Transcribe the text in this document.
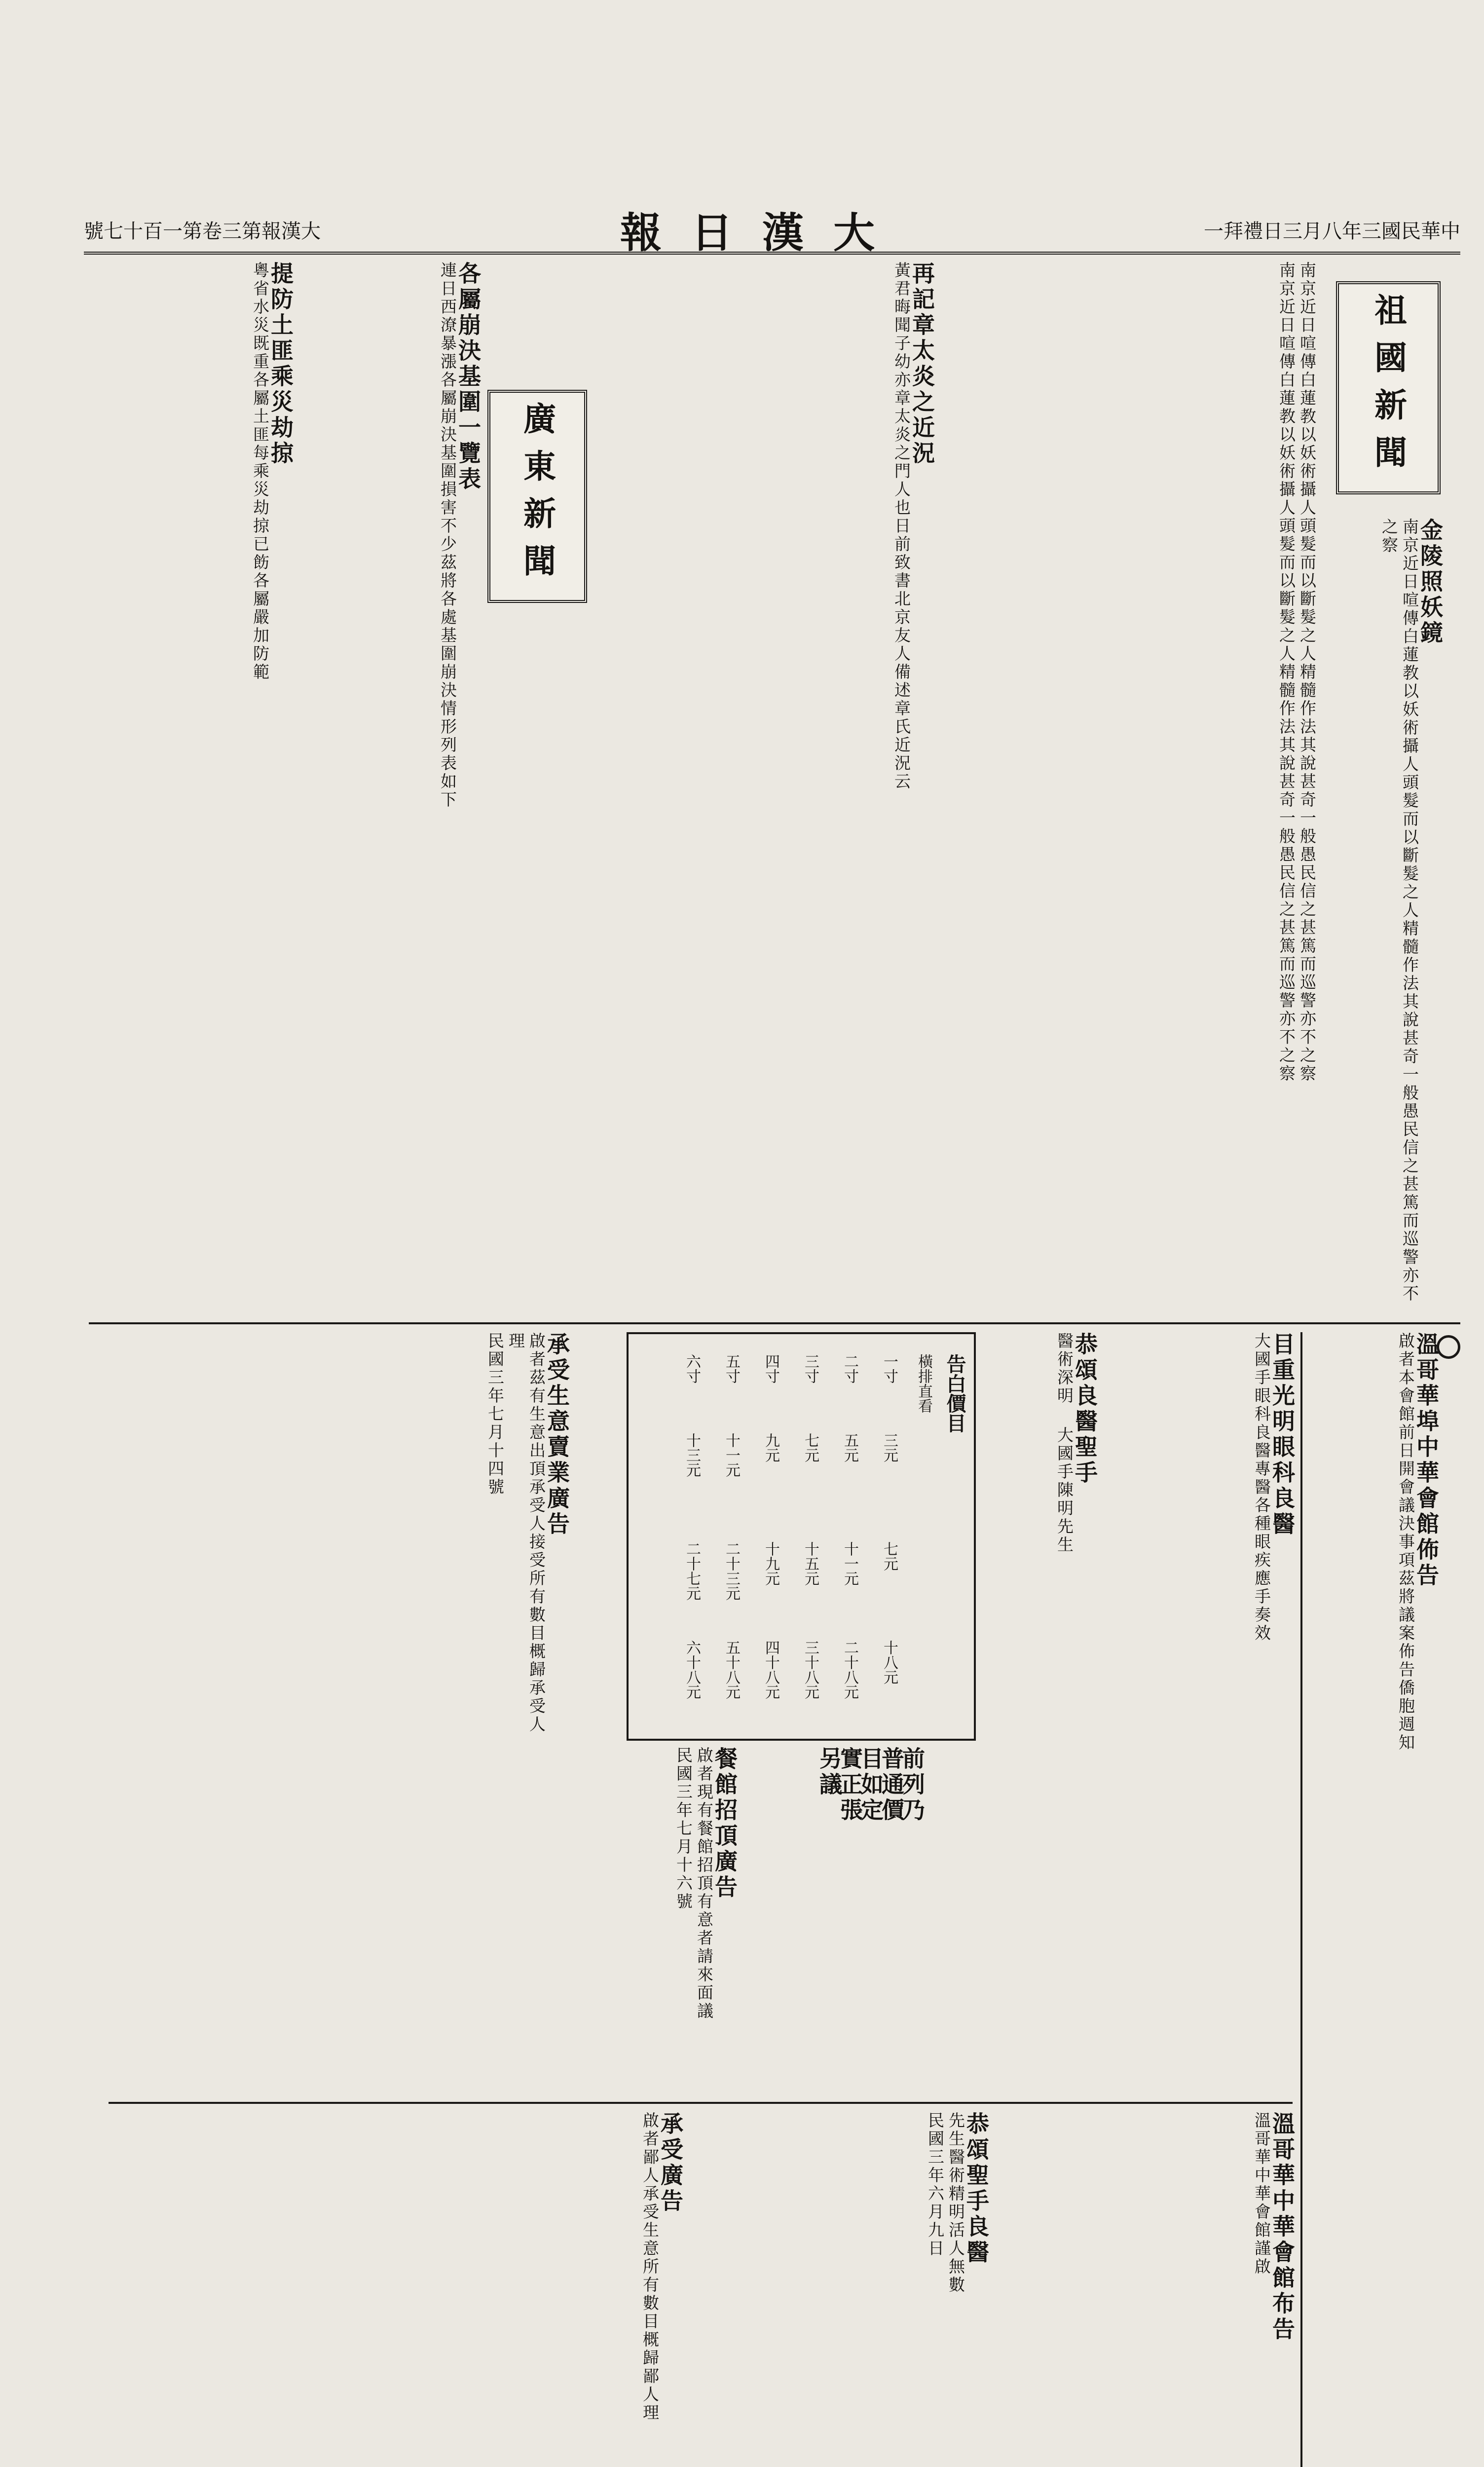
號七十百一第卷三第報漢大	報日漢大	一拜禮日三月八年三國民華中
祖國新聞
金陵照妖鏡
南京近日喧傳白蓮教以妖術攝人頭髮而以斷髮之人精髓作法其說甚奇一般愚民信之甚篤而巡警亦不之察
南京近日喧傳白蓮教以妖術攝人頭髮而以斷髮之人精髓作法其說甚奇一般愚民信之甚篤而巡警亦不之察
南京近日喧傳白蓮教以妖術攝人頭髮而以斷髮之人精髓作法其說甚奇一般愚民信之甚篤而巡警亦不之察
再記章太炎之近況
黃君晦聞子幼亦章太炎之門人也日前致書北京友人備述章氏近況云
廣東新聞
各屬崩決基圍一覽表
連日西潦暴漲各屬崩決基圍損害不少茲將各處基圍崩決情形列表如下
提防土匪乘災劫掠
粵省水災既重各屬土匪每乘災劫掠已飭各屬嚴加防範
溫哥華埠中華會館佈告
啟者本會館前日開會議決事項茲將議案佈告僑胞週知
目重光明眼科良醫
大國手眼科良醫專醫各種眼疾應手奏效
恭頌良醫聖手
醫術深明 大國手陳明先生
告白價目
橫排直看
一寸
二寸
三寸
四寸
五寸
六寸
三元
五元
七元
九元
十一元
十三元
七元
十一元
十五元
十九元
二十三元
二十七元
十八元
二十八元
三十八元
四十八元
五十八元
六十八元
承受生意賣業廣告
啟者茲有生意出頂承受人接受所有數目概歸承受人理
民國三年七月十四號
前列乃普通價目如定實正張另議
餐館招頂廣告
啟者現有餐館招頂有意者請來面議
民國三年七月十六號
溫哥華中華會館布告
溫哥華中華會館謹啟
恭頌聖手良醫
先生醫術精明活人無數
民國三年六月九日
承受廣告
啟者鄙人承受生意所有數目概歸鄙人理
